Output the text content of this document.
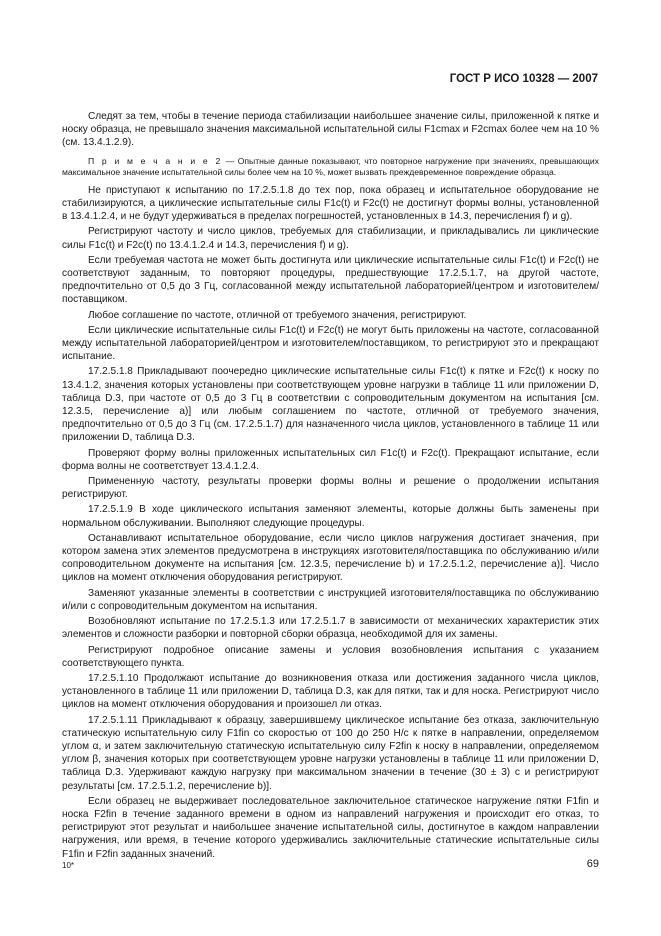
ГОСТ Р ИСО 10328 — 2007

Следят за тем, чтобы в течение периода стабилизации наибольшее значение силы, приложенной к пятке и носку образца, не превышало значения максимальной испытательной силы F1cmax и F2cmax более чем на 10 % (см. 13.4.1.2.9).

П р и м е ч а н и е 2 — Опытные данные показывают, что повторное нагружение при значениях, превышающих максимальное значение испытательной силы более чем на 10 %, может вызвать преждевременное повреждение образца.

Не приступают к испытанию по 17.2.5.1.8 до тех пор, пока образец и испытательное оборудование не стабилизируются, а циклические испытательные силы F1c(t) и F2c(t) не достигнут формы волны, установленной в 13.4.1.2.4, и не будут удерживаться в пределах погрешностей, установленных в 14.3, перечисления f) и g).

Регистрируют частоту и число циклов, требуемых для стабилизации, и прикладывались ли циклические силы F1c(t) и F2c(t) по 13.4.1.2.4 и 14.3, перечисления f) и g).

Если требуемая частота не может быть достигнута или циклические испытательные силы F1c(t) и F2c(t) не соответствуют заданным, то повторяют процедуры, предшествующие 17.2.5.1.7, на другой частоте, предпочтительно от 0,5 до 3 Гц, согласованной между испытательной лабораторией/центром и изготовителем/поставщиком.

Любое соглашение по частоте, отличной от требуемого значения, регистрируют.

Если циклические испытательные силы F1c(t) и F2c(t) не могут быть приложены на частоте, согласованной между испытательной лабораторией/центром и изготовителем/поставщиком, то регистрируют это и прекращают испытание.

17.2.5.1.8 Прикладывают поочередно циклические испытательные силы F1c(t) к пятке и F2c(t) к носку по 13.4.1.2, значения которых установлены при соответствующем уровне нагрузки в таблице 11 или приложении D, таблица D.3, при частоте от 0,5 до 3 Гц в соответствии с сопроводительным документом на испытания [см. 12.3.5, перечисление a)] или любым соглашением по частоте, отличной от требуемого значения, предпочтительно от 0,5 до 3 Гц (см. 17.2.5.1.7) для назначенного числа циклов, установленного в таблице 11 или приложении D, таблица D.3.

Проверяют форму волны приложенных испытательных сил F1c(t) и F2c(t). Прекращают испытание, если форма волны не соответствует 13.4.1.2.4.

Примененную частоту, результаты проверки формы волны и решение о продолжении испытания регистрируют.

17.2.5.1.9 В ходе циклического испытания заменяют элементы, которые должны быть заменены при нормальном обслуживании. Выполняют следующие процедуры.

Останавливают испытательное оборудование, если число циклов нагружения достигает значения, при котором замена этих элементов предусмотрена в инструкциях изготовителя/поставщика по обслуживанию и/или сопроводительном документе на испытания [см. 12.3.5, перечисление b) и 17.2.5.1.2, перечисление a)]. Число циклов на момент отключения оборудования регистрируют.

Заменяют указанные элементы в соответствии с инструкцией изготовителя/поставщика по обслуживанию и/или с сопроводительным документом на испытания.

Возобновляют испытание по 17.2.5.1.3 или 17.2.5.1.7 в зависимости от механических характеристик этих элементов и сложности разборки и повторной сборки образца, необходимой для их замены.

Регистрируют подробное описание замены и условия возобновления испытания с указанием соответствующего пункта.

17.2.5.1.10 Продолжают испытание до возникновения отказа или достижения заданного числа циклов, установленного в таблице 11 или приложении D, таблица D.3, как для пятки, так и для носка. Регистрируют число циклов на момент отключения оборудования и произошел ли отказ.

17.2.5.1.11 Прикладывают к образцу, завершившему циклическое испытание без отказа, заключительную статическую испытательную силу F1fin со скоростью от 100 до 250 Н/с к пятке в направлении, определяемом углом α, и затем заключительную статическую испытательную силу F2fin к носку в направлении, определяемом углом β, значения которых при соответствующем уровне нагрузки установлены в таблице 11 или приложении D, таблица D.3. Удерживают каждую нагрузку при максимальном значении в течение (30 ± 3) с и регистрируют результаты [см. 17.2.5.1.2, перечисление b)].

Если образец не выдерживает последовательное заключительное статическое нагружение пятки F1fin и носка F2fin в течение заданного времени в одном из направлений нагружения и происходит его отказ, то регистрируют этот результат и наибольшее значение испытательной силы, достигнутое в каждом направлении нагружения, или время, в течение которого удерживались заключительные статические испытательные силы F1fin и F2fin заданных значений.

10*	69
